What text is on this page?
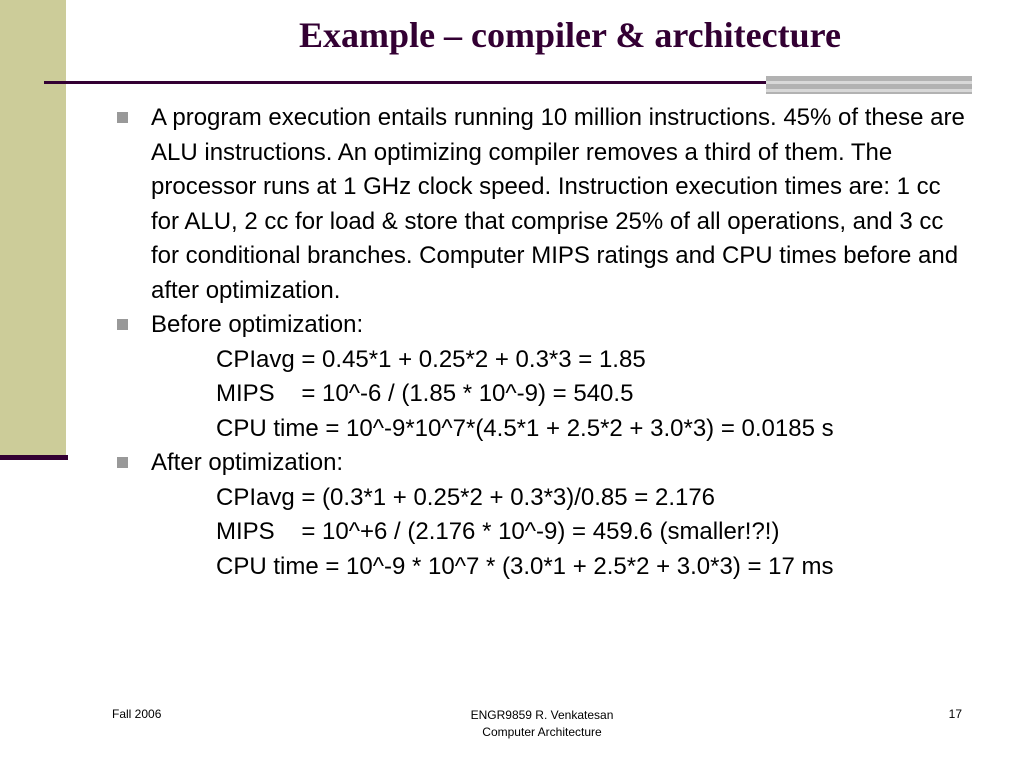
Example – compiler & architecture
A program execution entails running 10 million instructions. 45% of these are ALU instructions. An optimizing compiler removes a third of them. The processor runs at 1 GHz clock speed. Instruction execution times are: 1 cc for ALU, 2 cc for load & store that comprise 25% of all operations, and 3 cc for conditional branches. Computer MIPS ratings and CPU times before and after optimization.
Before optimization:
CPIavg = 0.45*1 + 0.25*2 + 0.3*3 = 1.85
MIPS    = 10^-6 / (1.85 * 10^-9) = 540.5
CPU time = 10^-9*10^7*(4.5*1 + 2.5*2 + 3.0*3) = 0.0185 s
After optimization:
CPIavg = (0.3*1 + 0.25*2 + 0.3*3)/0.85 = 2.176
MIPS    = 10^+6 / (2.176 * 10^-9) = 459.6 (smaller!?!)
CPU time = 10^-9 * 10^7 * (3.0*1 + 2.5*2 + 3.0*3) = 17 ms
Fall 2006	ENGR9859 R. Venkatesan
Computer Architecture
17
